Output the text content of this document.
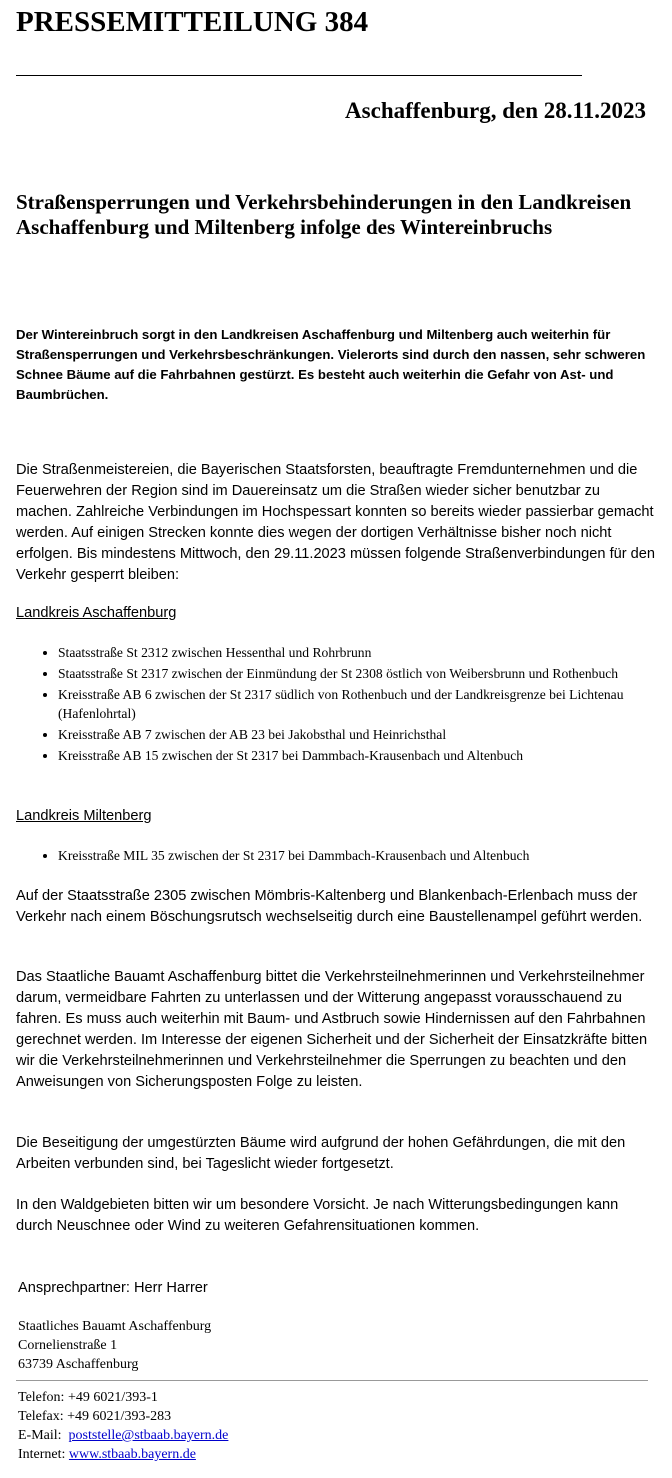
PRESSEMITTEILUNG 384
Aschaffenburg, den 28.11.2023
Straßensperrungen und Verkehrsbehinderungen in den Landkreisen Aschaffenburg und Miltenberg infolge des Wintereinbruchs

Der Wintereinbruch sorgt in den Landkreisen Aschaffenburg und Miltenberg auch weiterhin für Straßensperrungen und Verkehrsbeschränkungen. Vielerorts sind durch den nassen, sehr schweren Schnee Bäume auf die Fahrbahnen gestürzt. Es besteht auch weiterhin die Gefahr von Ast- und Baumbrüchen.

Die Straßenmeistereien, die Bayerischen Staatsforsten, beauftragte Fremdunternehmen und die Feuerwehren der Region sind im Dauereinsatz um die Straßen wieder sicher benutzbar zu machen. Zahlreiche Verbindungen im Hochspessart konnten so bereits wieder passierbar gemacht werden. Auf einigen Strecken konnte dies wegen der dortigen Verhältnisse bisher noch nicht erfolgen. Bis mindestens Mittwoch, den 29.11.2023 müssen folgende Straßenverbindungen für den Verkehr gesperrt bleiben:

Landkreis Aschaffenburg

• Staatsstraße St 2312 zwischen Hessenthal und Rohrbrunn
• Staatsstraße St 2317 zwischen der Einmündung der St 2308 östlich von Weibersbrunn und Rothenbuch
• Kreisstraße AB 6 zwischen der St 2317 südlich von Rothenbuch und der Landkreisgrenze bei Lichtenau (Hafenlohrtal)
• Kreisstraße AB 7 zwischen der AB 23 bei Jakobsthal und Heinrichsthal
• Kreisstraße AB 15 zwischen der St 2317 bei Dammbach-Krausenbach und Altenbuch

Landkreis Miltenberg

• Kreisstraße MIL 35 zwischen der St 2317 bei Dammbach-Krausenbach und Altenbuch

Auf der Staatsstraße 2305 zwischen Mömbris-Kaltenberg und Blankenbach-Erlenbach muss der Verkehr nach einem Böschungsrutsch wechselseitig durch eine Baustellenampel geführt werden.

Das Staatliche Bauamt Aschaffenburg bittet die Verkehrsteilnehmerinnen und Verkehrsteilnehmer darum, vermeidbare Fahrten zu unterlassen und der Witterung angepasst vorausschauend zu fahren. Es muss auch weiterhin mit Baum- und Astbruch sowie Hindernissen auf den Fahrbahnen gerechnet werden. Im Interesse der eigenen Sicherheit und der Sicherheit der Einsatzkräfte bitten wir die Verkehrsteilnehmerinnen und Verkehrsteilnehmer die Sperrungen zu beachten und den Anweisungen von Sicherungsposten Folge zu leisten.

Die Beseitigung der umgestürzten Bäume wird aufgrund der hohen Gefährdungen, die mit den Arbeiten verbunden sind, bei Tageslicht wieder fortgesetzt.

In den Waldgebieten bitten wir um besondere Vorsicht. Je nach Witterungsbedingungen kann durch Neuschnee oder Wind zu weiteren Gefahrensituationen kommen.

Ansprechpartner: Herr Harrer

Staatliches Bauamt Aschaffenburg
Cornelienstraße 1
63739 Aschaffenburg
Telefon: +49 6021/393-1
Telefax: +49 6021/393-283
E-Mail: poststelle@stbaab.bayern.de
Internet: www.stbaab.bayern.de
